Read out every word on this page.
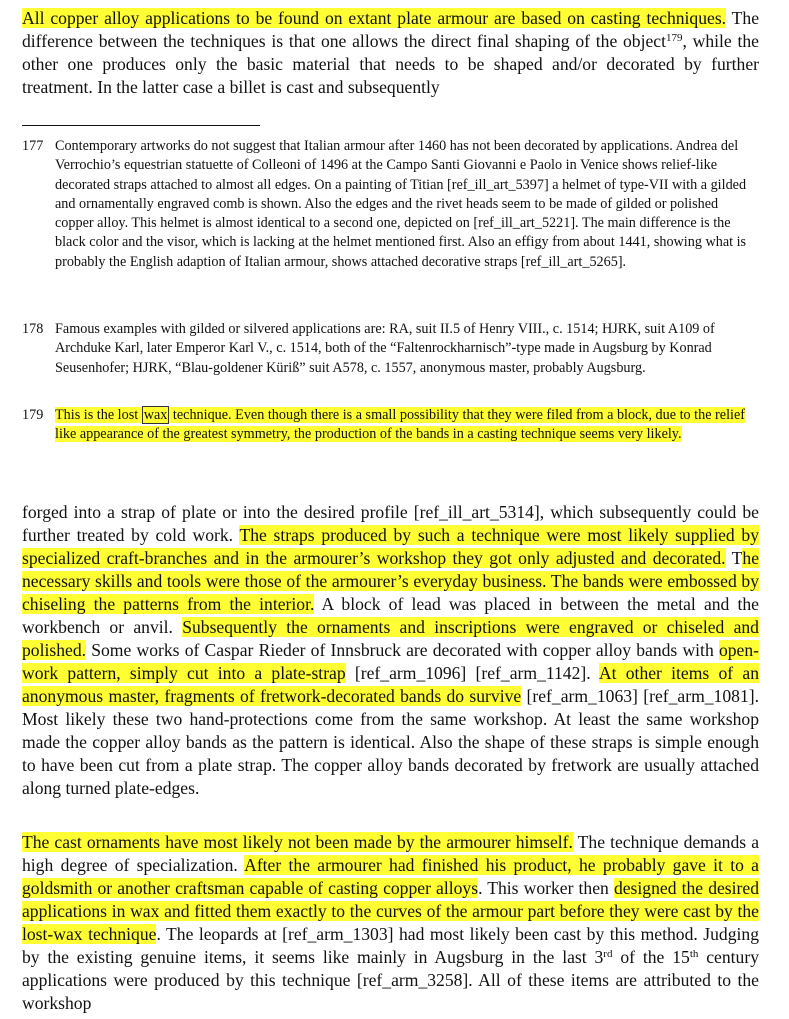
All copper alloy applications to be found on extant plate armour are based on casting techniques. The difference between the techniques is that one allows the direct final shaping of the object$^{179}$, while the other one produces only the basic material that needs to be shaped and/or decorated by further treatment. In the latter case a billet is cast and subsequently
177 Contemporary artworks do not suggest that Italian armour after 1460 has not been decorated by applications. Andrea del Verrochio’s equestrian statuette of Colleoni of 1496 at the Campo Santi Giovanni e Paolo in Venice shows relief-like decorated straps attached to almost all edges. On a painting of Titian [ref_ill_art_5397] a helmet of type-VII with a gilded and ornamentally engraved comb is shown. Also the edges and the rivet heads seem to be made of gilded or polished copper alloy. This helmet is almost identical to a second one, depicted on [ref_ill_art_5221]. The main difference is the black color and the visor, which is lacking at the helmet mentioned first. Also an effigy from about 1441, showing what is probably the English adaption of Italian armour, shows attached decorative straps [ref_ill_art_5265].
178 Famous examples with gilded or silvered applications are: RA, suit II.5 of Henry VIII., c. 1514; HJRK, suit A109 of Archduke Karl, later Emperor Karl V., c. 1514, both of the “Faltenrockharnisch”-type made in Augsburg by Konrad Seusenhofer; HJRK, “Blau-goldener Küriß” suit A578, c. 1557, anonymous master, probably Augsburg.
179 This is the lost wax technique. Even though there is a small possibility that they were filed from a block, due to the relief like appearance of the greatest symmetry, the production of the bands in a casting technique seems very likely.
forged into a strap of plate or into the desired profile [ref_ill_art_5314], which subsequently could be further treated by cold work. The straps produced by such a technique were most likely supplied by specialized craft-branches and in the armourer’s workshop they got only adjusted and decorated. The necessary skills and tools were those of the armourer’s everyday business. The bands were embossed by chiseling the patterns from the interior. A block of lead was placed in between the metal and the workbench or anvil. Subsequently the ornaments and inscriptions were engraved or chiseled and polished. Some works of Caspar Rieder of Innsbruck are decorated with copper alloy bands with open-work pattern, simply cut into a plate-strap [ref_arm_1096] [ref_arm_1142]. At other items of an anonymous master, fragments of fretwork-decorated bands do survive [ref_arm_1063] [ref_arm_1081]. Most likely these two hand-protections come from the same workshop. At least the same workshop made the copper alloy bands as the pattern is identical. Also the shape of these straps is simple enough to have been cut from a plate strap. The copper alloy bands decorated by fretwork are usually attached along turned plate-edges.
The cast ornaments have most likely not been made by the armourer himself. The technique demands a high degree of specialization. After the armourer had finished his product, he probably gave it to a goldsmith or another craftsman capable of casting copper alloys. This worker then designed the desired applications in wax and fitted them exactly to the curves of the armour part before they were cast by the lost-wax technique. The leopards at [ref_arm_1303] had most likely been cast by this method. Judging by the existing genuine items, it seems like mainly in Augsburg in the last 3rd of the 15th century applications were produced by this technique [ref_arm_3258]. All of these items are attributed to the workshop
